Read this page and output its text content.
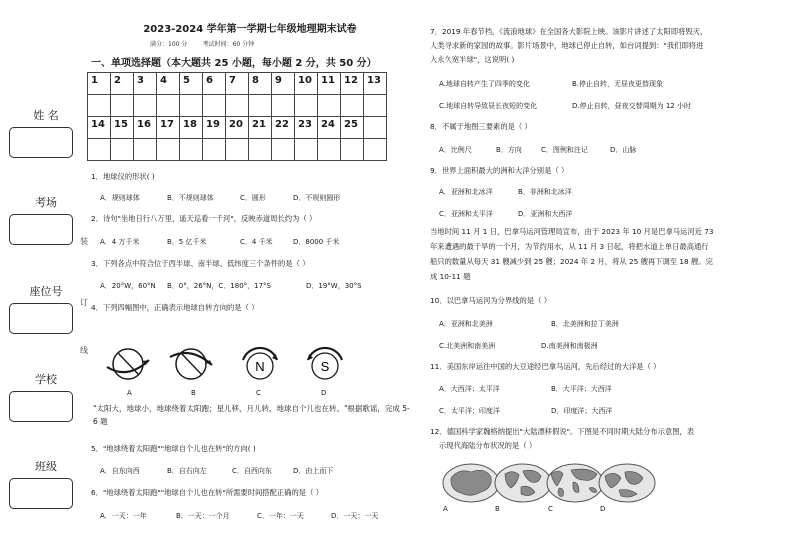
姓 名
考场
座位号
学校
班级
装
订
线
2023-2024 学年第一学期七年级地理期末试卷
满分：100 分        考试时间：60 分钟
一、单项选择题（本大题共 25 小题，每小题 2 分，共 50 分）
1	2	3	4	5	6	7	8	9	10	11	12	13

14	15	16	17	18	19	20	21	22	23	24	25	

1．地球仪的形状( )
A．规则球体	B．不规则球体	C．圆形	D．不规则圆形
2．诗句"坐地日行八万里，遥天巡看一千河"，反映赤道周长约为（ ）
A．4 万千米	B．5 亿千米	C．4 千米	D．8000 千米
3．下列各点中符合位于西半球、南半球、低纬度三个条件的是（ ）
A．20°W，60°N B．0°，26°N，C．180°，17°S	D．19°W，30°S
4．下列四幅图中，正确表示地球自转方向的是（ ）
N	S
A	B	C	D
"太阳大，地球小，地球绕着太阳跑；星儿移，月儿转，地球自个儿也在转。"根据歌谣，完成 5-6 题
5．"地球绕着太阳跑""地球自个儿也在转"的方向( )
A．自东向西	B．自右向左	C．自西向东	D．由上而下
6．"地球绕着太阳跑""地球自个儿也在转"所需要时间搭配正确的是（ ）
A．一天：一年	B．一天：一个月	C．一年：一天	D．一天：一天
7．2019 年春节档，《流浪地球》在全国各大影院上映。该影片讲述了太阳即将毁灭，
人类寻求新的家园的故事。影片场景中，地球已停止自转，如台词提到："我们即将进
入永久宽半球"，这说明( )
A.地球自转产生了四季的变化	B.停止自转，无昼夜更替现象
C.地球自转导致昼长夜短的变化	D.停止自转，昼夜交替周期为 12 小时
8．不属于地图三要素的是（ ）
A．比例尺	B．方向	C．图例和注记	D．山脉
9．世界上面积最大的洲和大洋分别是（ ）
A．亚洲和北冰洋	B．非洲和北冰洋
C．亚洲和太平洋	D．亚洲和大西洋
当地时间 11 月 1 日，巴拿马运河管理局宣布，由于 2023 年 10 月是巴拿马运河近 73
年来遭遇的最干旱的一个月，为节约用水，从 11 月 3 日起，将把水道上单日最高通行
船只的数量从每天 31 艘减少到 25 艘；2024 年 2 月，将从 25 艘再下调至 18 艘。完
成 10-11 题
10．以巴拿马运河为分界线的是（ ）
A．亚洲和北美洲	B．北美洲和拉丁美洲
C.北美洲和南美洲	D.南美洲和南极洲
11．美国东岸运往中国的大豆途经巴拿马运河，先后经过的大洋是（ ）
A．大西洋；太平洋	B．大平洋；大西洋
C．太平洋；印度洋	D．印度洋；大西洋
12．德国科学家魏格纳提出"大陆漂移假说"。下图是不同时期大陆分布示意图，表
示现代海陆分布状况的是（ ）
A	B	C	D
